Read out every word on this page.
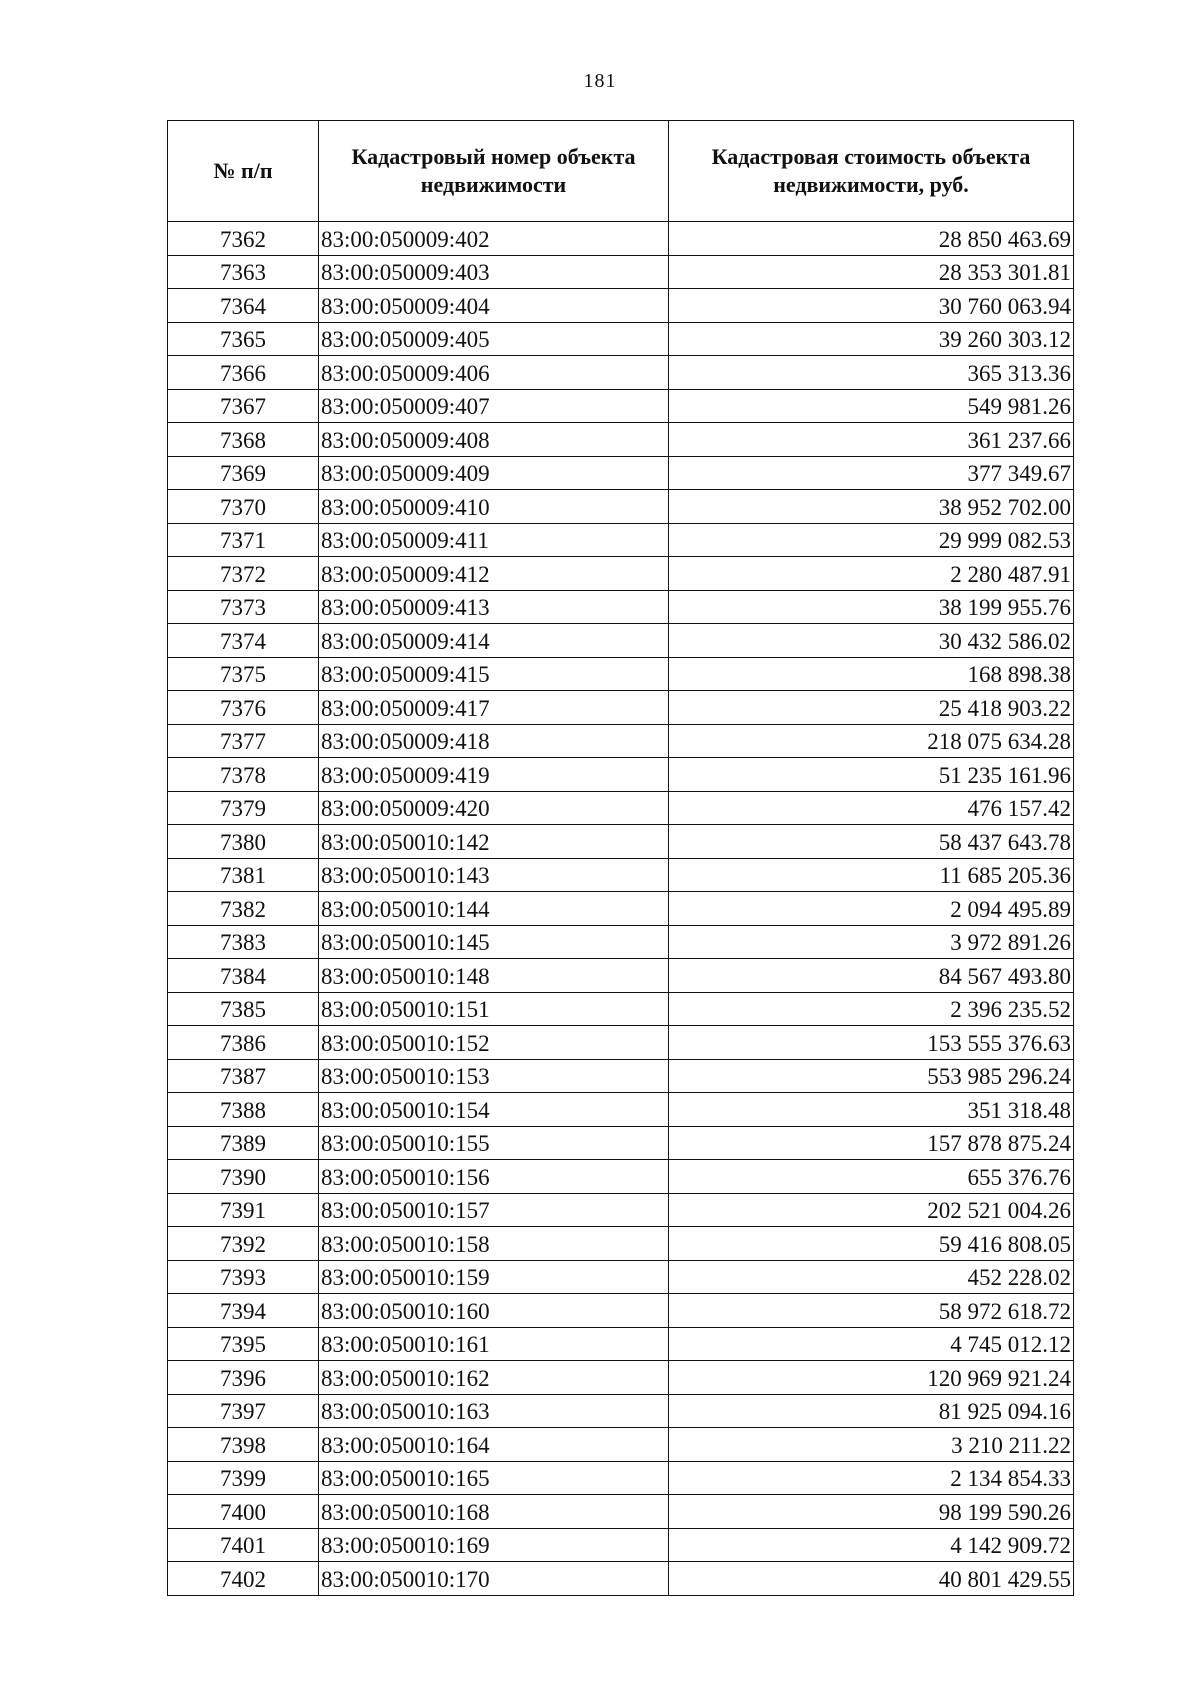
181
№ п/п	Кадастровый номер объекта недвижимости	Кадастровая стоимость объекта недвижимости, руб.
7362	83:00:050009:402	28 850 463.69
7363	83:00:050009:403	28 353 301.81
7364	83:00:050009:404	30 760 063.94
7365	83:00:050009:405	39 260 303.12
7366	83:00:050009:406	365 313.36
7367	83:00:050009:407	549 981.26
7368	83:00:050009:408	361 237.66
7369	83:00:050009:409	377 349.67
7370	83:00:050009:410	38 952 702.00
7371	83:00:050009:411	29 999 082.53
7372	83:00:050009:412	2 280 487.91
7373	83:00:050009:413	38 199 955.76
7374	83:00:050009:414	30 432 586.02
7375	83:00:050009:415	168 898.38
7376	83:00:050009:417	25 418 903.22
7377	83:00:050009:418	218 075 634.28
7378	83:00:050009:419	51 235 161.96
7379	83:00:050009:420	476 157.42
7380	83:00:050010:142	58 437 643.78
7381	83:00:050010:143	11 685 205.36
7382	83:00:050010:144	2 094 495.89
7383	83:00:050010:145	3 972 891.26
7384	83:00:050010:148	84 567 493.80
7385	83:00:050010:151	2 396 235.52
7386	83:00:050010:152	153 555 376.63
7387	83:00:050010:153	553 985 296.24
7388	83:00:050010:154	351 318.48
7389	83:00:050010:155	157 878 875.24
7390	83:00:050010:156	655 376.76
7391	83:00:050010:157	202 521 004.26
7392	83:00:050010:158	59 416 808.05
7393	83:00:050010:159	452 228.02
7394	83:00:050010:160	58 972 618.72
7395	83:00:050010:161	4 745 012.12
7396	83:00:050010:162	120 969 921.24
7397	83:00:050010:163	81 925 094.16
7398	83:00:050010:164	3 210 211.22
7399	83:00:050010:165	2 134 854.33
7400	83:00:050010:168	98 199 590.26
7401	83:00:050010:169	4 142 909.72
7402	83:00:050010:170	40 801 429.55
